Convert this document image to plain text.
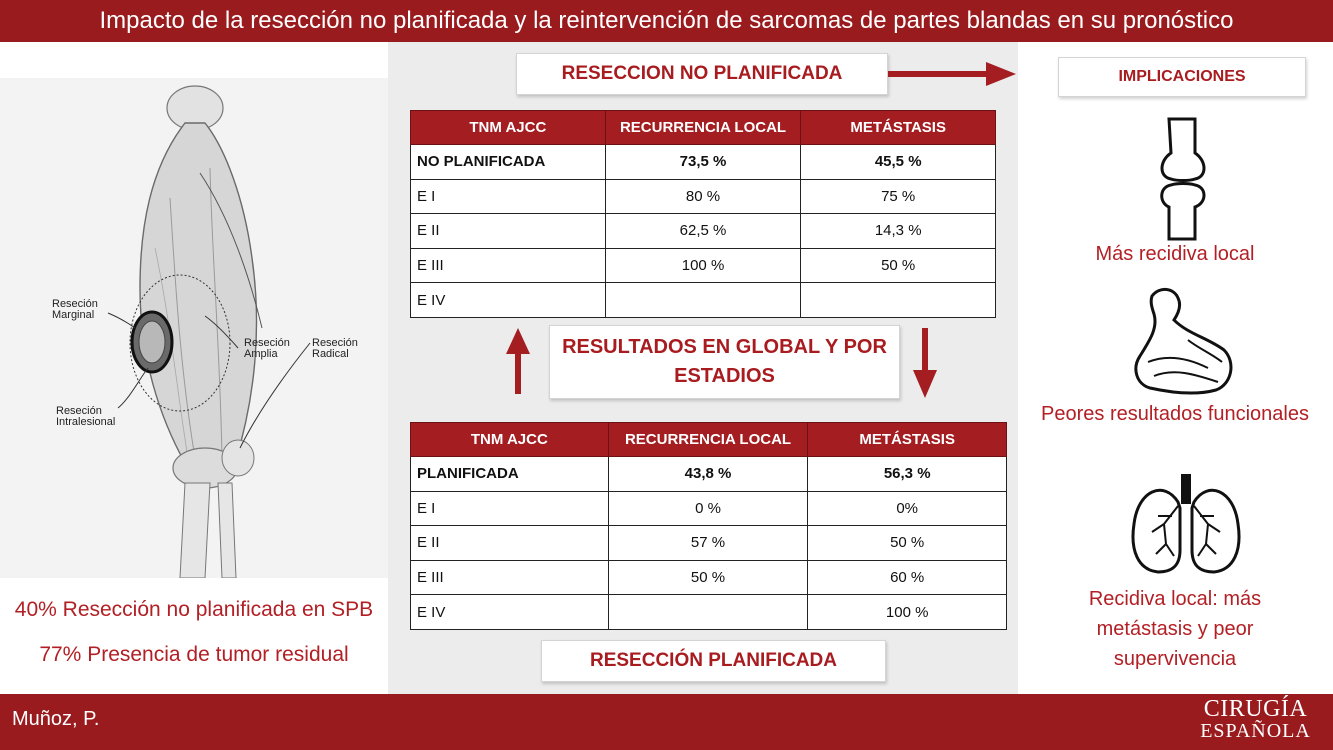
Impacto de la resección no planificada y la reintervención de sarcomas de partes blandas en su pronóstico
Reseción
Marginal
Reseción
Amplia
Reseción
Radical
Reseción
Intralesional
40% Resección no planificada en SPB
77% Presencia de tumor residual
RESECCION NO PLANIFICADA
TNM AJCC	RECURRENCIA LOCAL	METÁSTASIS
NO PLANIFICADA	73,5 %	45,5 %
E I	80 %	75 %
E II	62,5 %	14,3 %
E III	100 %	50 %
E IV		
RESULTADOS EN GLOBAL Y POR ESTADIOS
TNM AJCC	RECURRENCIA LOCAL	METÁSTASIS
PLANIFICADA	43,8 %	56,3 %
E I	0 %	0%
E II	57 %	50 %
E III	50 %	60 %
E IV		100 %
RESECCIÓN PLANIFICADA
IMPLICACIONES
Más recidiva local
Peores resultados funcionales
Recidiva local: más metástasis y peor supervivencia
Muñoz, P.	CIRUGÍA
ESPAÑOLA
